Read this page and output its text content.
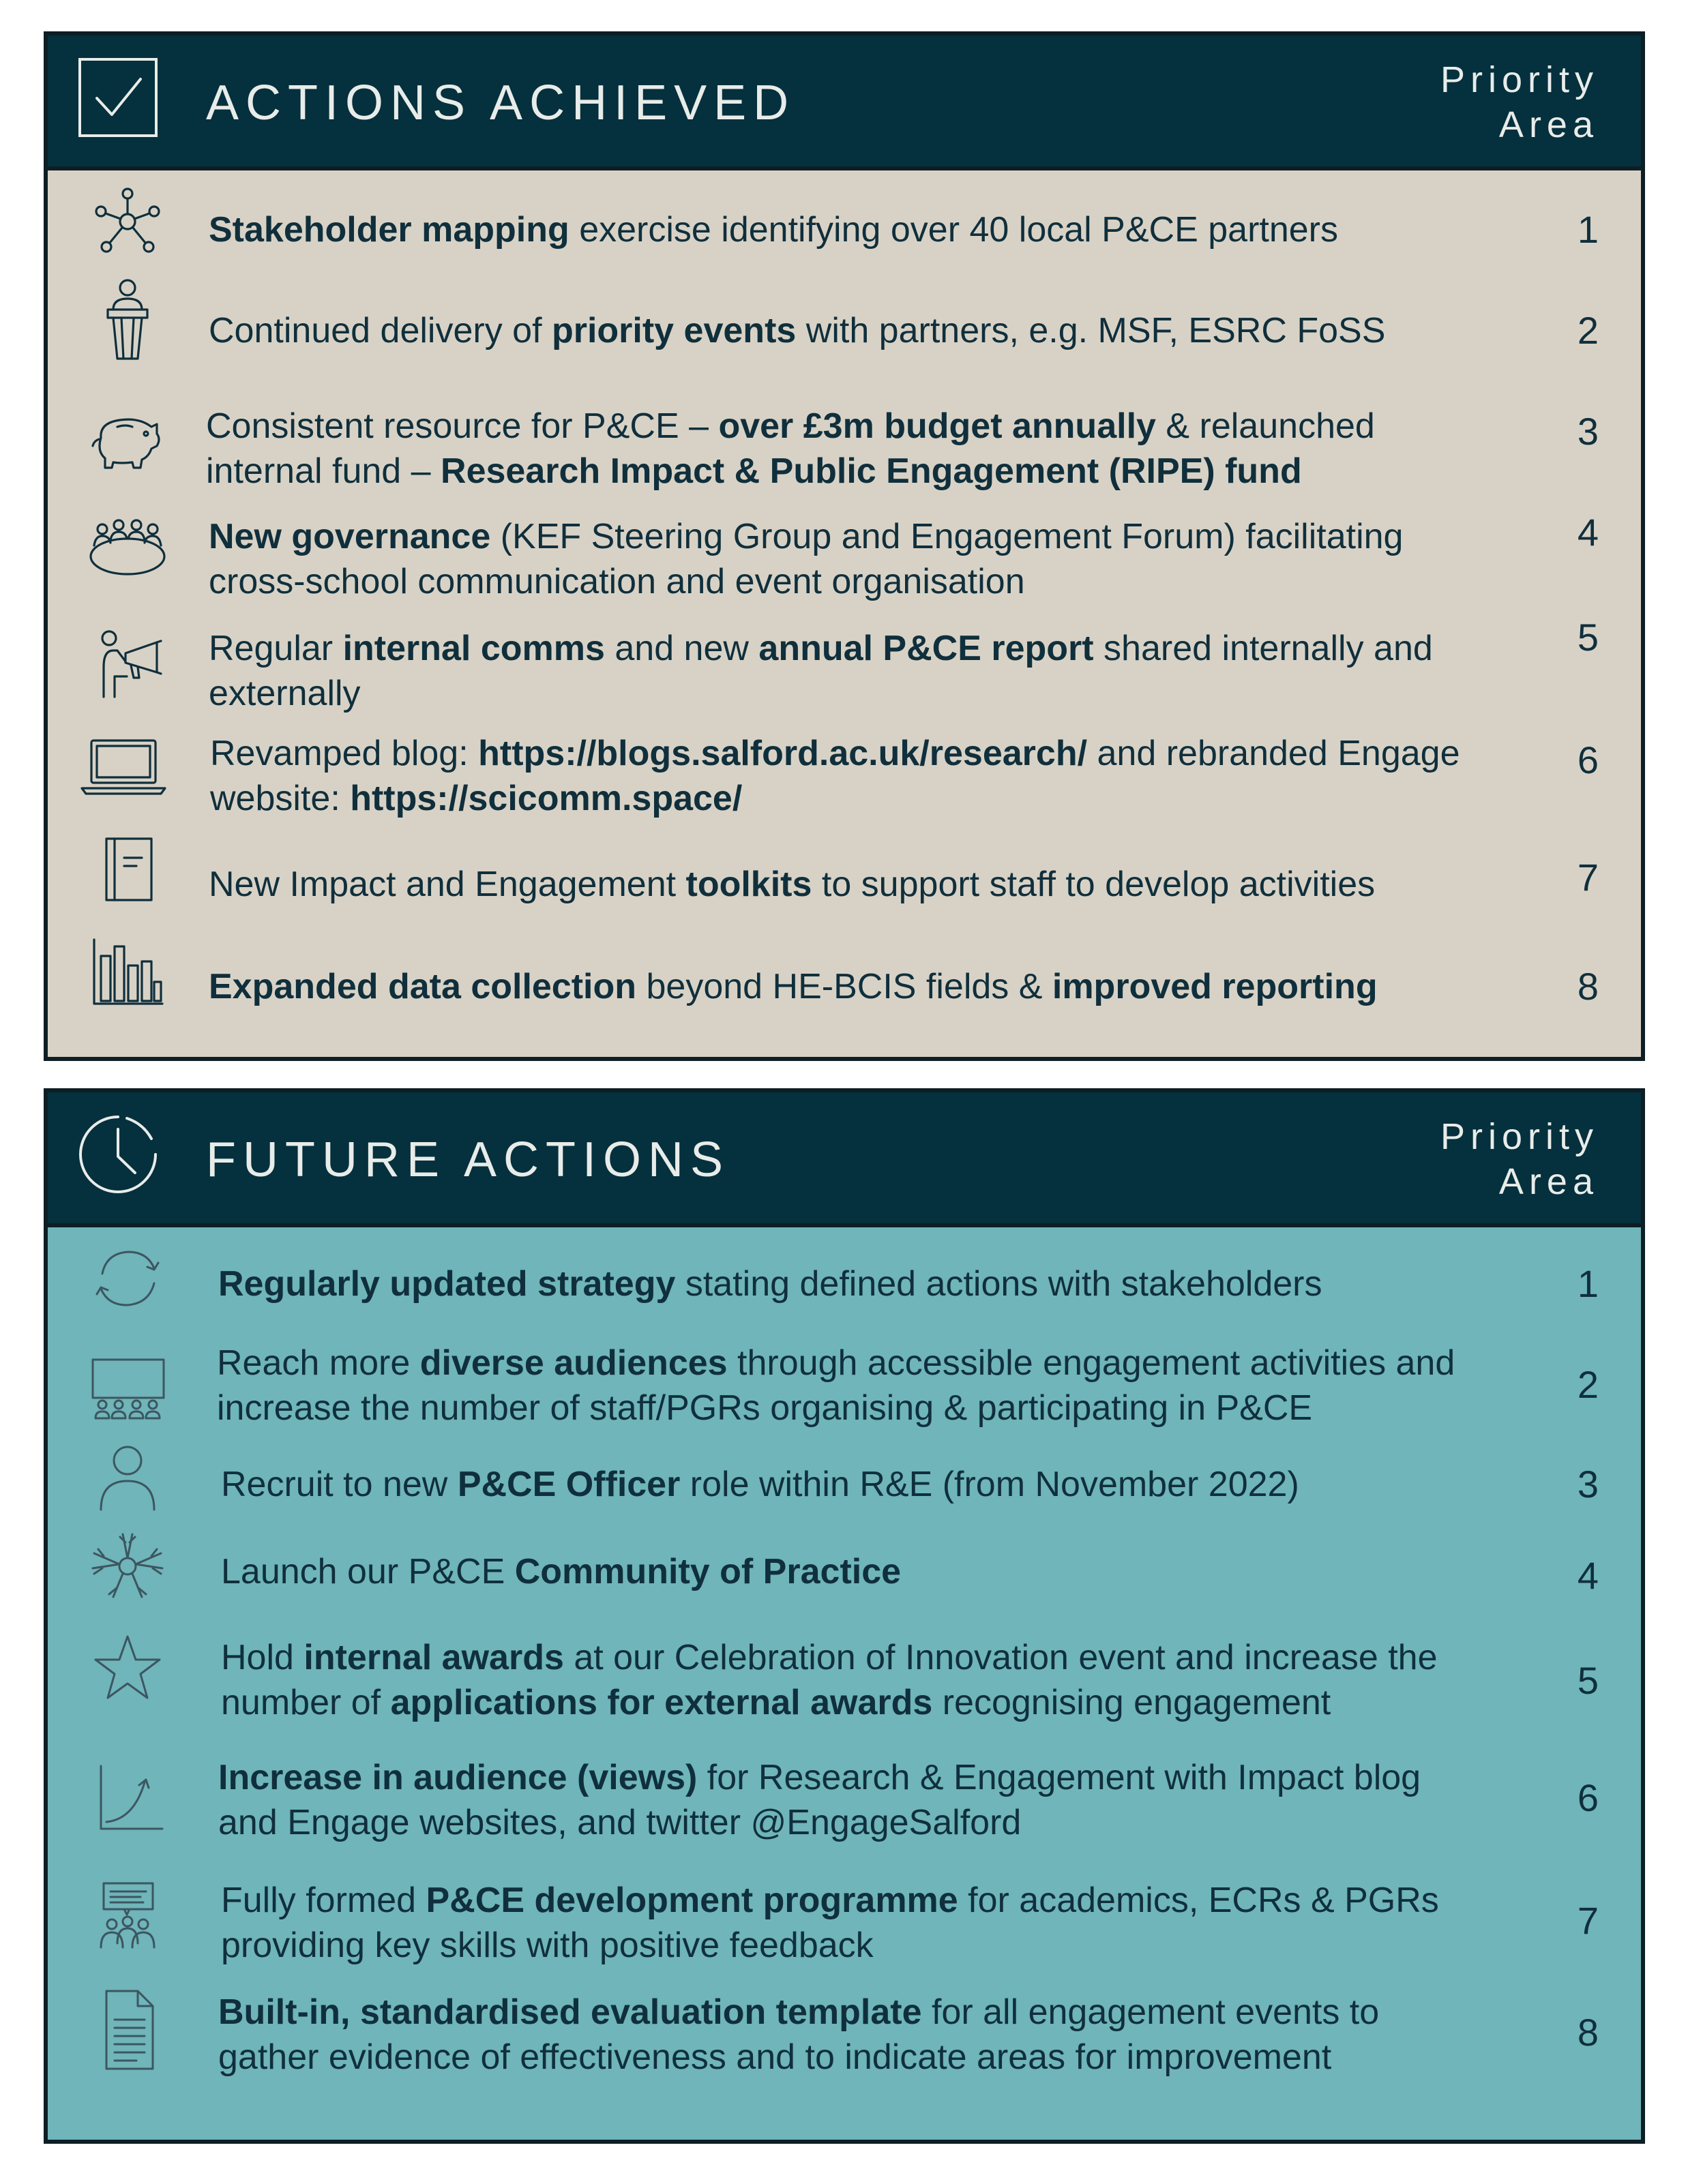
ACTIONS ACHIEVED	Priority
Area
Stakeholder mapping exercise identifying over 40 local P&CE partners	1
Continued delivery of priority events with partners, e.g. MSF, ESRC FoSS	2
Consistent resource for P&CE – over £3m budget annually & relaunched
internal fund – Research Impact & Public Engagement (RIPE) fund
3
New governance (KEF Steering Group and Engagement Forum) facilitating
cross-school communication and event organisation
4
Regular internal comms and new annual P&CE report shared internally and
externally
5
Revamped blog: https://blogs.salford.ac.uk/research/ and rebranded Engage
website: https://scicomm.space/
6
New Impact and Engagement toolkits to support staff to develop activities	7
Expanded data collection beyond HE-BCIS fields & improved reporting	8
FUTURE ACTIONS	Priority
Area
Regularly updated strategy stating defined actions with stakeholders	1
Reach more diverse audiences through accessible engagement activities and
increase the number of staff/PGRs organising & participating in P&CE
2
Recruit to new P&CE Officer role within R&E (from November 2022)	3
Launch our P&CE Community of Practice	4
Hold internal awards at our Celebration of Innovation event and increase the
number of applications for external awards recognising engagement
5
Increase in audience (views) for Research & Engagement with Impact blog
and Engage websites, and twitter @EngageSalford
6
Fully formed P&CE development programme for academics, ECRs & PGRs
providing key skills with positive feedback
7
Built-in, standardised evaluation template for all engagement events to
gather evidence of effectiveness and to indicate areas for improvement
8
